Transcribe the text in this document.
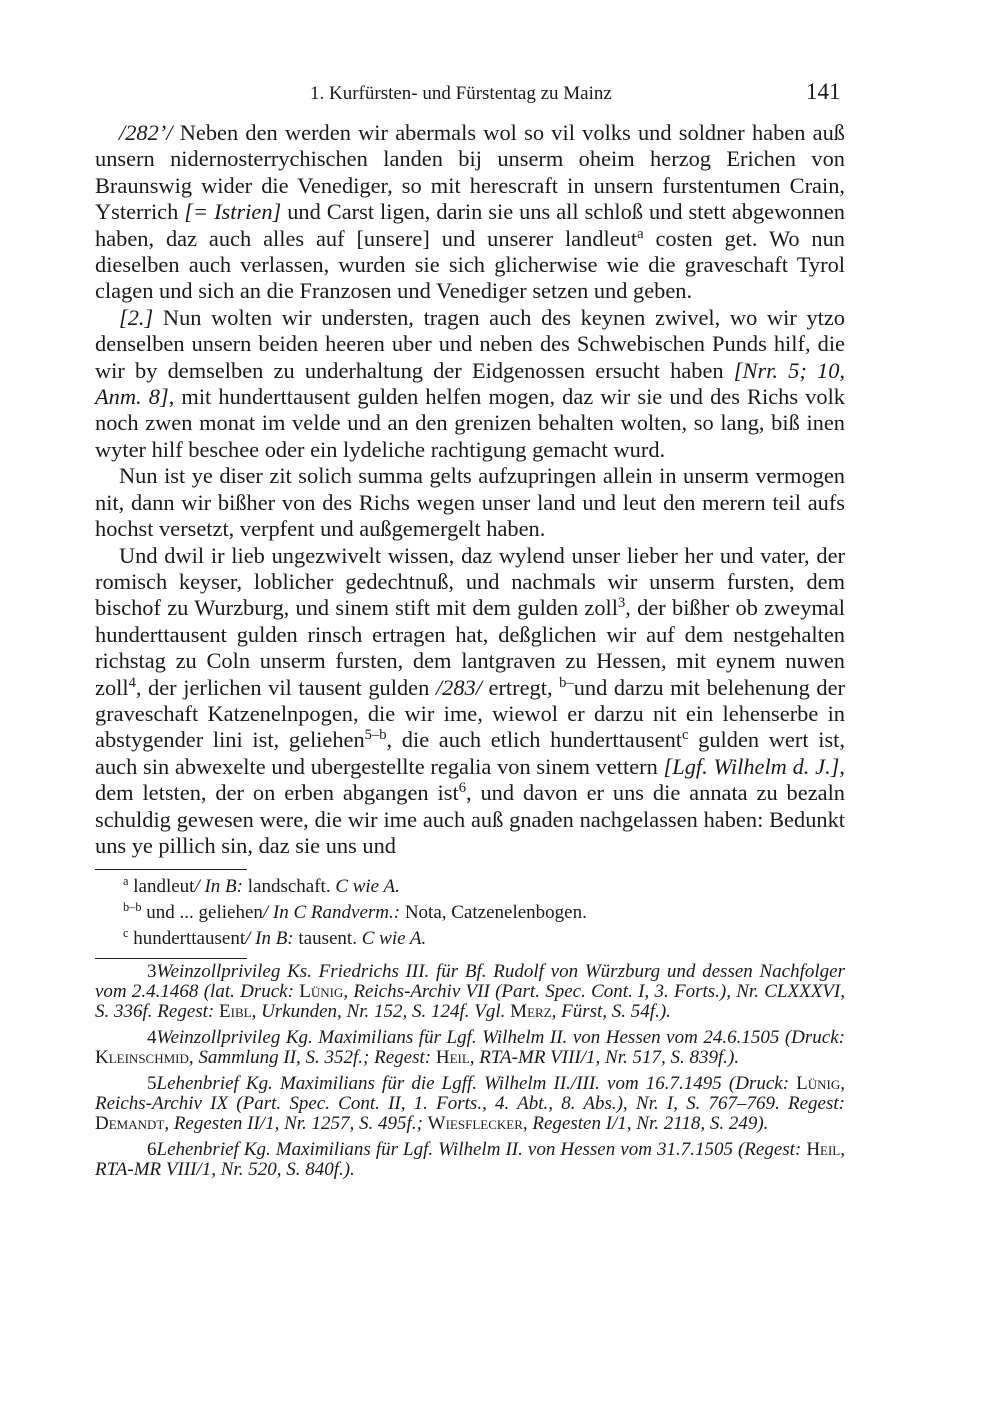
1. Kurfürsten- und Fürstentag zu Mainz	141

/282’/ Neben den werden wir abermals wol so vil volks und soldner haben auß unsern nidernosterrychischen landen bij unserm oheim herzog Erichen von Braunswig wider die Venediger, so mit herescraft in unsern furstentumen Crain, Ysterrich [= Istrien] und Carst ligen, darin sie uns all schloß und stett abgewonnen haben, daz auch alles auf [unsere] und unserer landleut$^a$ costen get. Wo nun dieselben auch verlassen, wurden sie sich glicherwise wie die graveschaft Tyrol clagen und sich an die Franzosen und Venediger setzen und geben.

[2.] Nun wolten wir understen, tragen auch des keynen zwivel, wo wir ytzo denselben unsern beiden heeren uber und neben des Schwebischen Punds hilf, die wir by demselben zu underhaltung der Eidgenossen ersucht haben [Nrr. 5; 10, Anm. 8], mit hunderttausent gulden helfen mogen, daz wir sie und des Richs volk noch zwen monat im velde und an den grenizen behalten wolten, so lang, biß inen wyter hilf beschee oder ein lydeliche rachtigung gemacht wurd.

Nun ist ye diser zit solich summa gelts aufzupringen allein in unserm vermogen nit, dann wir bißher von des Richs wegen unser land und leut den merern teil aufs hochst versetzt, verpfent und außgemergelt haben.

Und dwil ir lieb ungezwivelt wissen, daz wylend unser lieber her und vater, der romisch keyser, loblicher gedechtnuß, und nachmals wir unserm fursten, dem bischof zu Wurzburg, und sinem stift mit dem gulden zoll$^3$, der bißher ob zweymal hunderttausent gulden rinsch ertragen hat, deßglichen wir auf dem nestgehalten richstag zu Coln unserm fursten, dem lantgraven zu Hessen, mit eynem nuwen zoll$^4$, der jerlichen vil tausent gulden /283/ ertregt, $^{b-}$und darzu mit belehenung der graveschaft Katzenelnpogen, die wir ime, wiewol er darzu nit ein lehenserbe in abstygender lini ist, geliehen$^{5-b}$, die auch etlich hunderttausent$^c$ gulden wert ist, auch sin abwexelte und ubergestellte regalia von sinem vettern [Lgf. Wilhelm d. J.], dem letsten, der on erben abgangen ist$^6$, und davon er uns die annata zu bezaln schuldig gewesen were, die wir ime auch auß gnaden nachgelassen haben: Bedunkt uns ye pillich sin, daz sie uns und

$^a$ landleut/ In B: landschaft. C wie A.
$^{b-b}$ und ... geliehen/ In C Randverm.: Nota, Catzenelenbogen.
$^c$ hunderttausent/ In B: tausent. C wie A.

3Weinzollprivileg Ks. Friedrichs III. für Bf. Rudolf von Würzburg und dessen Nachfolger vom 2.4.1468 (lat. Druck: Lünig, Reichs-Archiv VII (Part. Spec. Cont. I, 3. Forts.), Nr. CLXXXVI, S. 336f. Regest: Eibl, Urkunden, Nr. 152, S. 124f. Vgl. Merz, Fürst, S. 54f.).

4Weinzollprivileg Kg. Maximilians für Lgf. Wilhelm II. von Hessen vom 24.6.1505 (Druck: Kleinschmid, Sammlung II, S. 352f.; Regest: Heil, RTA-MR VIII/1, Nr. 517, S. 839f.).

5Lehenbrief Kg. Maximilians für die Lgff. Wilhelm II./III. vom 16.7.1495 (Druck: Lünig, Reichs-Archiv IX (Part. Spec. Cont. II, 1. Forts., 4. Abt., 8. Abs.), Nr. I, S. 767–769. Regest: Demandt, Regesten II/1, Nr. 1257, S. 495f.; Wiesflecker, Regesten I/1, Nr. 2118, S. 249).

6Lehenbrief Kg. Maximilians für Lgf. Wilhelm II. von Hessen vom 31.7.1505 (Regest: Heil, RTA-MR VIII/1, Nr. 520, S. 840f.).
